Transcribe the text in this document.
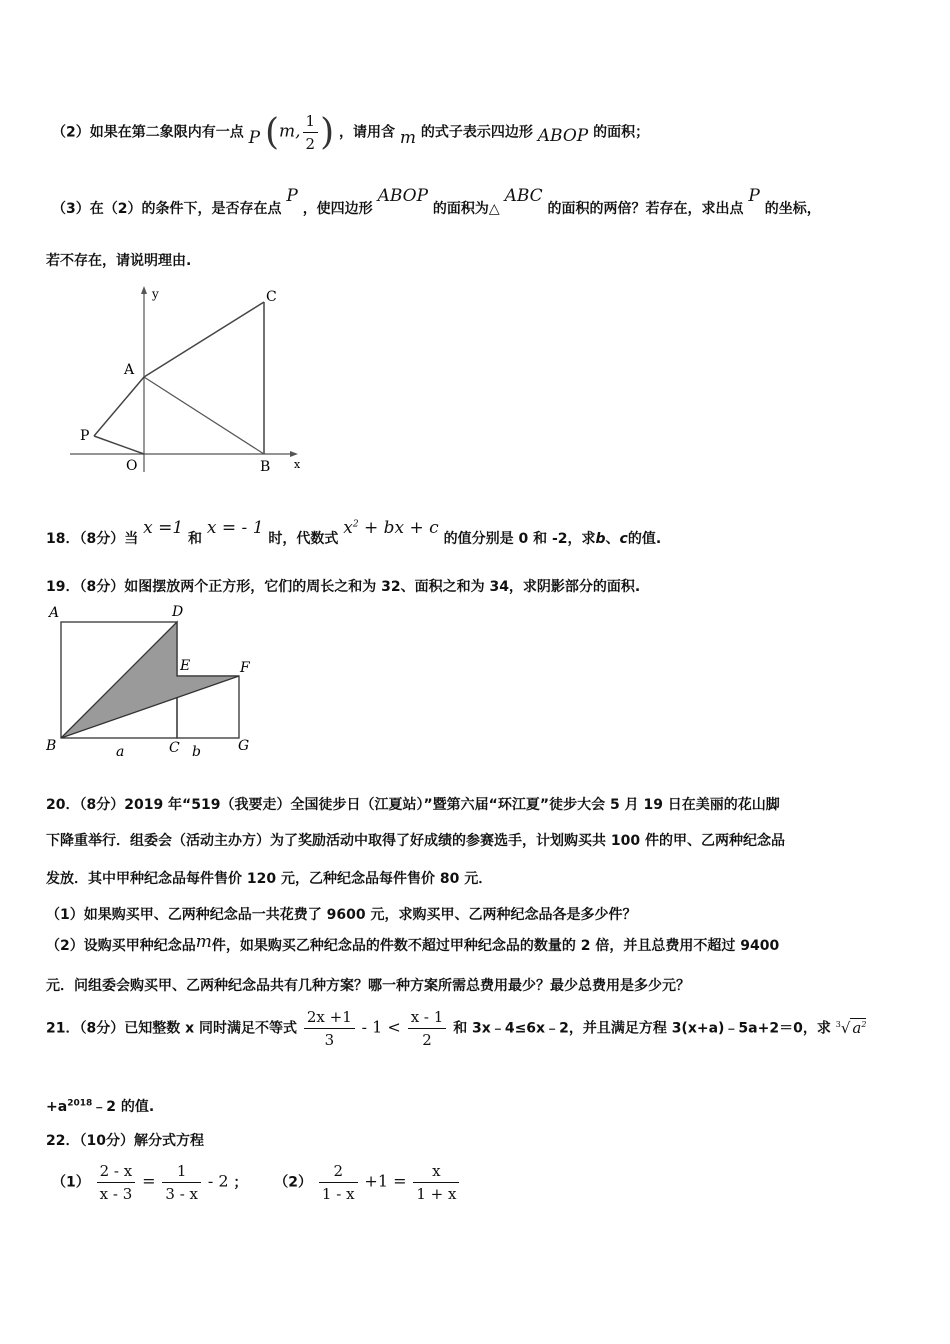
（2）如果在第二象限内有一点 P (m, $\frac{1}{2}$ ) ，请用含 m 的式子表示四边形 ABOP 的面积；
（3）在（2）的条件下，是否存在点 P ，使四边形 ABOP 的面积为△ ABC 的面积的两倍？若存在，求出点 P 的坐标，
若不存在，请说明理由.
y
x
C
A
P
O	B
18．（8分）当 x =1 和 x = - 1 时，代数式 $x^2$ + bx + c 的值分别是 0 和 -2，求b、c的值.
19．（8分）如图摆放两个正方形，它们的周长之和为 32、面积之和为 34，求阴影部分的面积.
A	D
E	F
B	a	C b	G
20．（8分）2019 年“519（我要走）全国徒步日（江夏站）”暨第六届“环江夏”徒步大会 5 月 19 日在美丽的花山脚
下降重举行．组委会（活动主办方）为了奖励活动中取得了好成绩的参赛选手，计划购买共 100 件的甲、乙两种纪念品
发放．其中甲种纪念品每件售价 120 元，乙种纪念品每件售价 80 元．
（1）如果购买甲、乙两种纪念品一共花费了 9600 元，求购买甲、乙两种纪念品各是多少件？
（2）设购买甲种纪念品m件，如果购买乙种纪念品的件数不超过甲种纪念品的数量的 2 倍，并且总费用不超过 9400
元．问组委会购买甲、乙两种纪念品共有几种方案？哪一种方案所需总费用最少？最少总费用是多少元？
21．（8分）已知整数 x 同时满足不等式 $\frac{2x +1}{3} - 1 < \frac{x - 1}{2}$ 和 3x﹣4≤6x﹣2，并且满足方程 3(x+a)﹣5a+2＝0，求 $^3$√ $a^2$
$+a^{2018}﹣2$ 的值.
22．（10分）解分式方程
$(1) \frac{2 - x}{x - 3} = \frac{1}{3 - x} - 2$ ； $(2) \frac{2}{1 - x} +1 = \frac{x}{1 + x}$
